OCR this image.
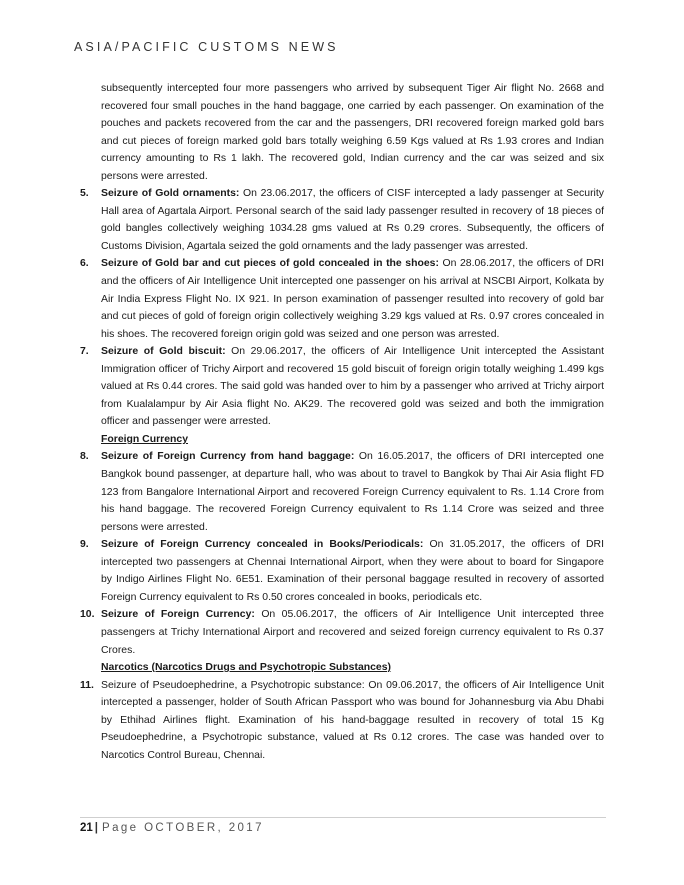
ASIA/PACIFIC CUSTOMS NEWS

subsequently intercepted four more passengers who arrived by subsequent Tiger Air flight No. 2668 and recovered four small pouches in the hand baggage, one carried by each passenger. On examination of the pouches and packets recovered from the car and the passengers, DRI recovered foreign marked gold bars and cut pieces of foreign marked gold bars totally weighing 6.59 Kgs valued at Rs 1.93 crores and Indian currency amounting to Rs 1 lakh. The recovered gold, Indian currency and the car was seized and six persons were arrested.

5. Seizure of Gold ornaments: On 23.06.2017, the officers of CISF intercepted a lady passenger at Security Hall area of Agartala Airport. Personal search of the said lady passenger resulted in recovery of 18 pieces of gold bangles collectively weighing 1034.28 gms valued at Rs 0.29 crores. Subsequently, the officers of Customs Division, Agartala seized the gold ornaments and the lady passenger was arrested.

6. Seizure of Gold bar and cut pieces of gold concealed in the shoes: On 28.06.2017, the officers of DRI and the officers of Air Intelligence Unit intercepted one passenger on his arrival at NSCBI Airport, Kolkata by Air India Express Flight No. IX 921. In person examination of passenger resulted into recovery of gold bar and cut pieces of gold of foreign origin collectively weighing 3.29 kgs valued at Rs. 0.97 crores concealed in his shoes. The recovered foreign origin gold was seized and one person was arrested.

7. Seizure of Gold biscuit: On 29.06.2017, the officers of Air Intelligence Unit intercepted the Assistant Immigration officer of Trichy Airport and recovered 15 gold biscuit of foreign origin totally weighing 1.499 kgs valued at Rs 0.44 crores. The said gold was handed over to him by a passenger who arrived at Trichy airport from Kualalampur by Air Asia flight No. AK29. The recovered gold was seized and both the immigration officer and passenger were arrested.

Foreign Currency

8. Seizure of Foreign Currency from hand baggage: On 16.05.2017, the officers of DRI intercepted one Bangkok bound passenger, at departure hall, who was about to travel to Bangkok by Thai Air Asia flight FD 123 from Bangalore International Airport and recovered Foreign Currency equivalent to Rs. 1.14 Crore from his hand baggage. The recovered Foreign Currency equivalent to Rs 1.14 Crore was seized and three persons were arrested.

9. Seizure of Foreign Currency concealed in Books/Periodicals: On 31.05.2017, the officers of DRI intercepted two passengers at Chennai International Airport, when they were about to board for Singapore by Indigo Airlines Flight No. 6E51. Examination of their personal baggage resulted in recovery of assorted Foreign Currency equivalent to Rs 0.50 crores concealed in books, periodicals etc.

10. Seizure of Foreign Currency: On 05.06.2017, the officers of Air Intelligence Unit intercepted three passengers at Trichy International Airport and recovered and seized foreign currency equivalent to Rs 0.37 Crores.

Narcotics (Narcotics Drugs and Psychotropic Substances)

11. Seizure of Pseudoephedrine, a Psychotropic substance: On 09.06.2017, the officers of Air Intelligence Unit intercepted a passenger, holder of South African Passport who was bound for Johannesburg via Abu Dhabi by Ethihad Airlines flight. Examination of his hand-baggage resulted in recovery of total 15 Kg Pseudoephedrine, a Psychotropic substance, valued at Rs 0.12 crores. The case was handed over to Narcotics Control Bureau, Chennai.

21 | Page OCTOBER, 2017
